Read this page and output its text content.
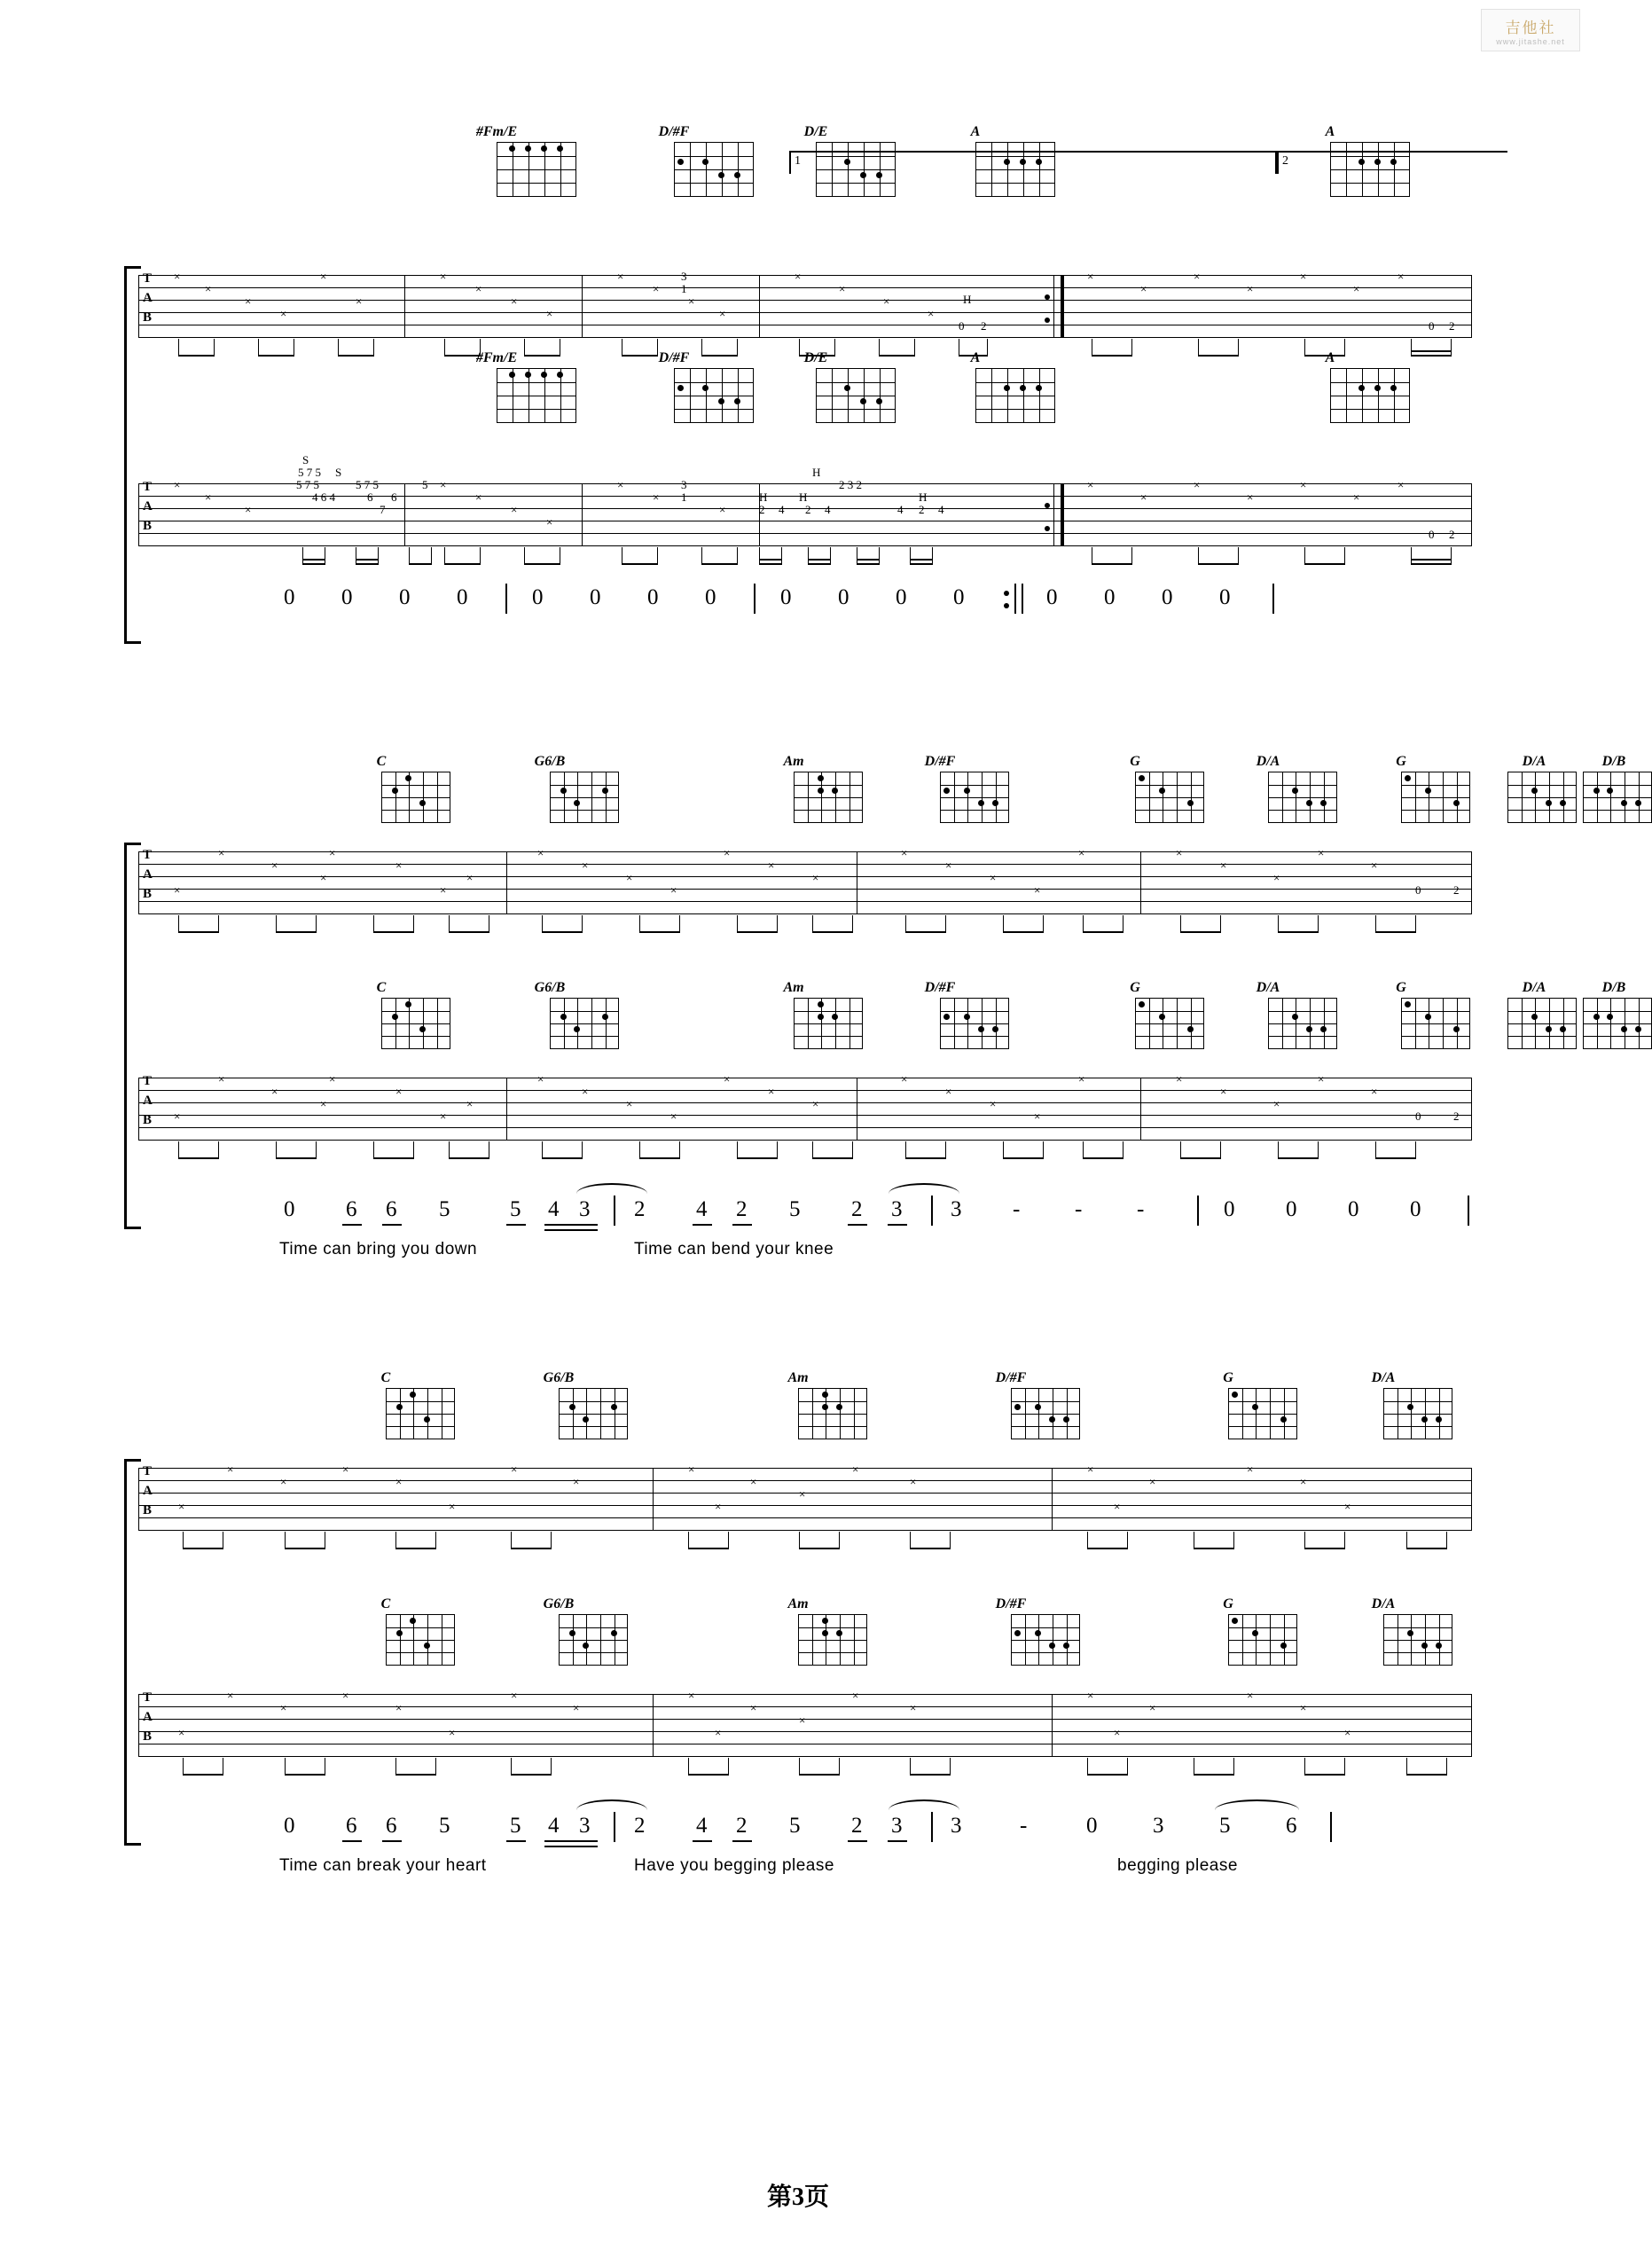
吉他社
www.jitashe.net
1	2
T
A
B
×
×
×
×
×
×
×
×
×
×
×
×
×
×
×
×
×
×
×
×
×
×
×
×
×
3
1
H
0 2	0 2
#Fm/E	D/#F	D/E	A	A
T
A
B
S
S
5 7 5
5 7 5	5 7 5	5
4 6 4	6 6
7
3
1	H
H
H	H
2 4 2 4
2 3 2
4 2 4
0 2
×
×
×
×
×
×
×
×
×
×
×
×
×
×
×
×
×
#Fm/E	D/#F	D/E	A	A
0 0 0 0	0 0 0 0	0 0 0 0	0 0 0 0
C	G6/B	Am	D/#F	G	D/A	G	D/A	D/B
T
A
B ×
×
×
×
×
×
×
×
×
×
×
×
×
×
×
×
×
×
×
×	×
×
×
×
×
0	2
C	G6/B	Am	D/#F	G	D/A	G	D/A	D/B
T
A
B ×
×
×
×
×
×
×
×
×
×
×
×
×
×
×
×
×
×
×
×	×
×
×
×
×
0	2
0 6 6 5	5 4 3 2 4 2 5 2 3 3 - - -	0 0 0 0
Time can bring you down	Time can bend your knee
C	G6/B	Am	D/#F	G	D/A
T
A
B ×
×
×
×
×
×
×
×
×
×
×
×
×
×
×
×
×
×
×
×
C	G6/B	Am	D/#F	G	D/A
T
A
B ×
×
×
×
×
×
×
×
×
×
×
×
×
×
×
×
×
×
×
×
0 6 6 5	5 4 3 2 4 2 5 2 3 3	-	0	3	5	6
Time can break your heart	Have you begging please	begging please
第3页
